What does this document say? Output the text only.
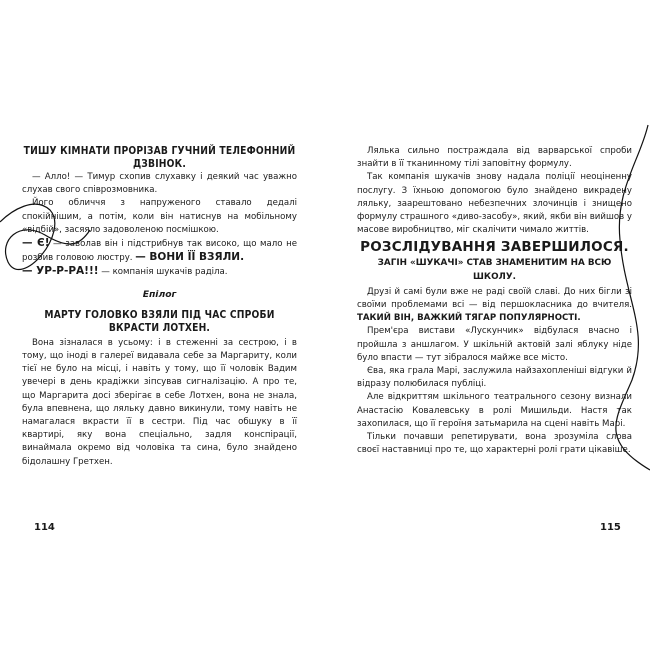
ТИШУ КІМНАТИ ПРОРІЗАВ ГУЧНИЙ ТЕЛЕФОННИЙ ДЗВІНОК.

— Алло! — Тимур схопив слухавку і деякий час уважно слухав свого співрозмовника.

Його обличчя з напруженого ставало дедалі спокійнішим, а потім, коли він натиснув на мобільному «відбій», засяяло задоволеною посмішкою.

— Є! — заволав він і підстрибнув так високо, що мало не розбив головою люстру. — ВОНИ ЇЇ ВЗЯЛИ.

— УР-Р-РА!!! — компанія шукачів раділа.

Епілог

МАРТУ ГОЛОВКО ВЗЯЛИ ПІД ЧАС СПРОБИ ВКРАСТИ ЛОТХЕН.

Вона зізналася в усьому: і в стеженні за сестрою, і в тому, що іноді в галереї видавала себе за Маргариту, коли тієї не було на місці, і навіть у тому, що її чоловік Вадим увечері в день крадіжки зіпсував сигналізацію. А про те, що Маргарита досі зберігає в себе Лотхен, вона не знала, була впевнена, що ляльку давно викинули, тому навіть не намагалася вкрасти її в сестри. Під час обшуку в її квартирі, яку вона спеціально, задля конспірації, винаймала окремо від чоловіка та сина, було знайдено бідолашну Гретхен.

114

Лялька сильно постраждала від варварської спроби знайти в її тканинному тілі заповітну формулу.

Так компанія шукачів знову надала поліції неоціненну послугу. З їхньою допомогою було знайдено викрадену ляльку, заарештовано небезпечних злочинців і знищено формулу страшного «диво-засобу», який, якби він вийшов у масове виробництво, міг скалічити чимало життів.

РОЗСЛІДУВАННЯ ЗАВЕРШИЛОСЯ.

ЗАГІН «ШУКАЧІ» СТАВ ЗНАМЕНИТИМ НА ВСЮ ШКОЛУ.

Друзі й самі були вже не раді своїй славі. До них бігли зі своїми проблемами всі — від першокласника до вчителя. ТАКИЙ ВІН, ВАЖКИЙ ТЯГАР ПОПУЛЯРНОСТІ.

Прем'єра вистави «Лускунчик» відбулася вчасно і пройшла з аншлагом. У шкільній актовій залі яблуку ніде було впасти — тут зібралося майже все місто.

Єва, яка грала Марі, заслужила найзахопленіші відгуки й відразу полюбилася публіці.

Але відкриттям шкільного театрального сезону визнали Анастасію Ковалевську в ролі Мишильди. Настя так захопилася, що її героїня затьмарила на сцені навіть Марі.

Тільки почавши репетирувати, вона зрозуміла слова своєї наставниці про те, що характерні ролі грати цікавіше.

115
